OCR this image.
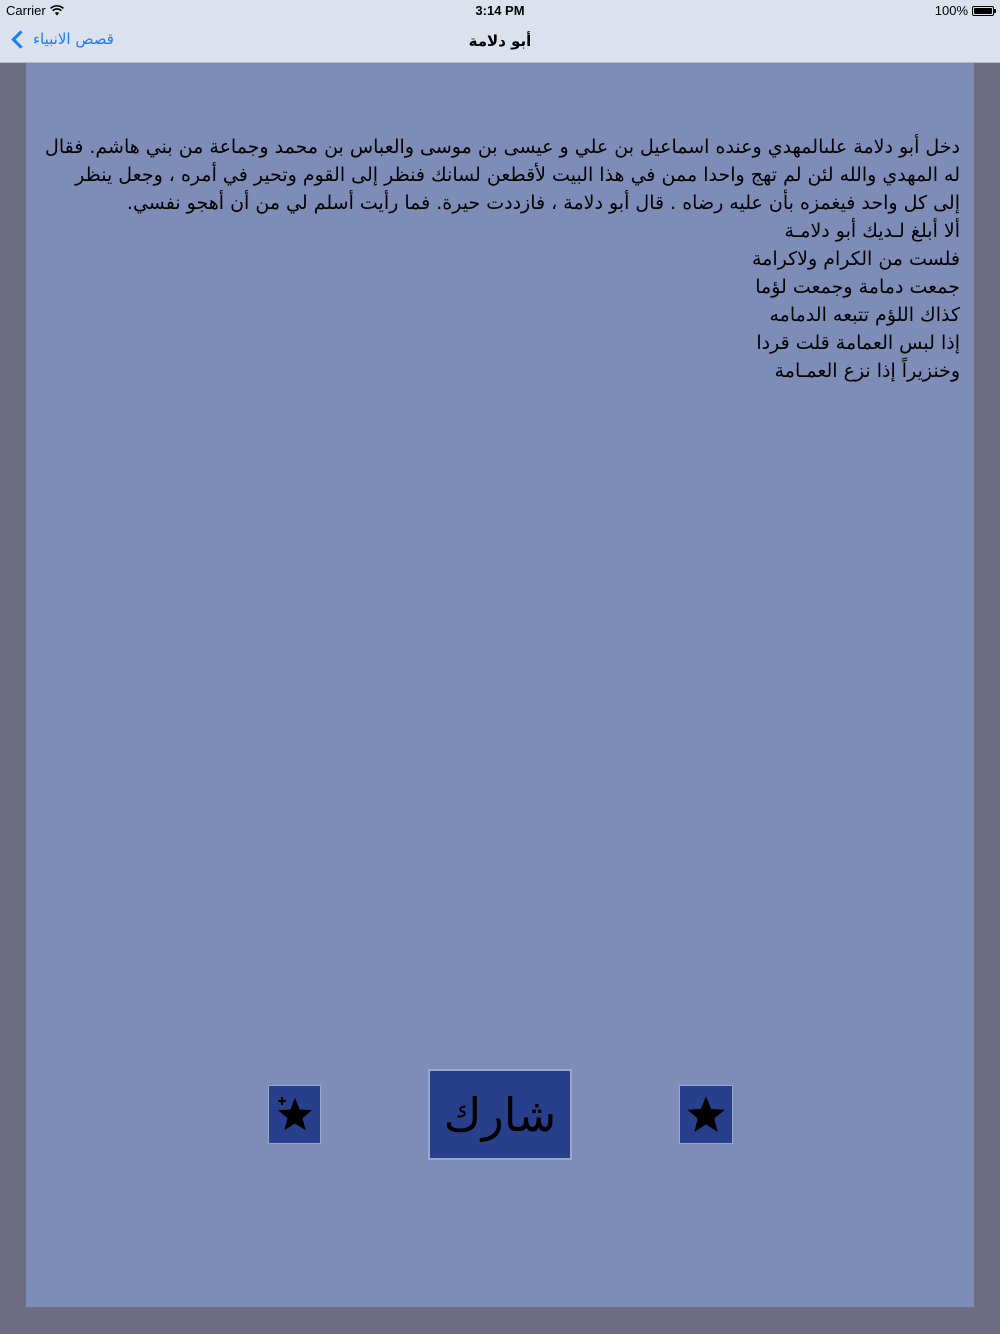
Carrier	3:14 PM	100%
قصص الانبياء	أبو دلامة
دخل أبو دلامة علىالمهدي وعنده اسماعيل بن علي و عيسى بن موسى والعباس بن محمد وجماعة من بني هاشم. فقال له المهدي والله لئن لم تهج واحدا ممن في هذا البيت لأقطعن لسانك فنظر إلى القوم وتحير في أمره ، وجعل ينظر إلى كل واحد فيغمزه بأن عليه رضاه . قال أبو دلامة ، فازددت حيرة. فما رأيت أسلم لي من أن أهجو نفسي.
ألا أبلغ لـديك أبو دلامـة
فلست من الكرام ولاكرامة
جمعت دمامة وجمعت لؤما
كذاك اللؤم تتبعه الدمامه
إذا لبس العمامة قلت قردا
وخنزيراً إذا نزع العمـامة
شارك
